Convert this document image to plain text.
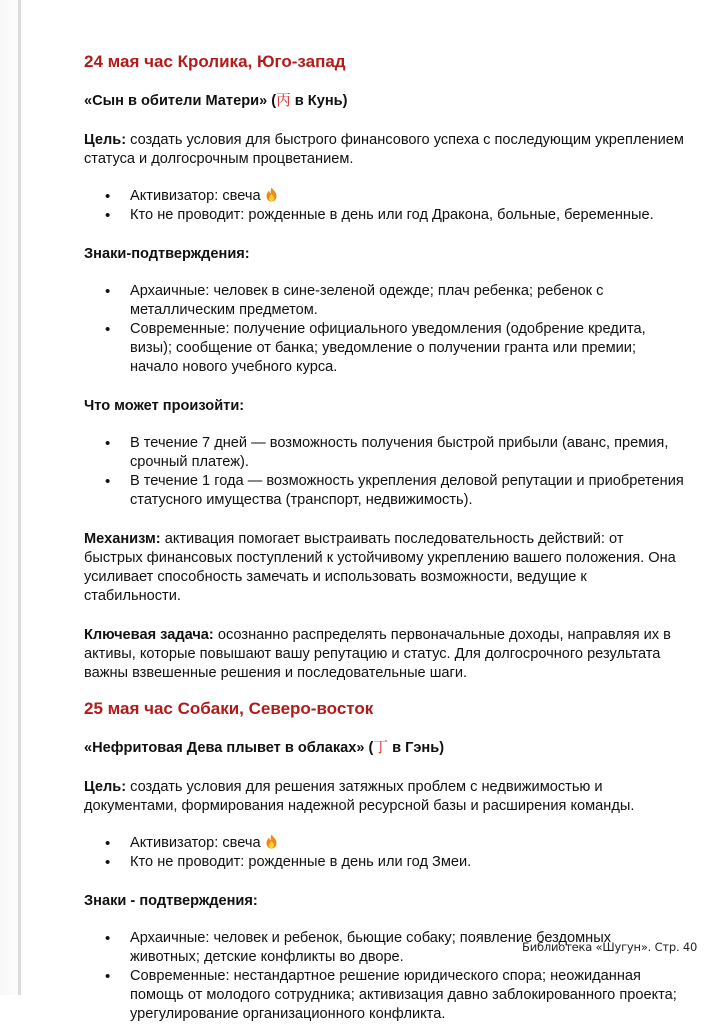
24 мая час Кролика, Юго-запад

«Сын в обители Матери» (丙 в Кунь)

Цель: создать условия для быстрого финансового успеха с последующим укреплением статуса и долгосрочным процветанием.

• Активизатор: свеча
• Кто не проводит: рожденные в день или год Дракона, больные, беременные.

Знаки-подтверждения:

• Архаичные: человек в сине-зеленой одежде; плач ребенка; ребенок с металлическим предметом.
• Современные: получение официального уведомления (одобрение кредита, визы); сообщение от банка; уведомление о получении гранта или премии; начало нового учебного курса.

Что может произойти:

• В течение 7 дней — возможность получения быстрой прибыли (аванс, премия, срочный платеж).
• В течение 1 года — возможность укрепления деловой репутации и приобретения статусного имущества (транспорт, недвижимость).

Механизм: активация помогает выстраивать последовательность действий: от быстрых финансовых поступлений к устойчивому укреплению вашего положения. Она усиливает способность замечать и использовать возможности, ведущие к стабильности.

Ключевая задача: осознанно распределять первоначальные доходы, направляя их в активы, которые повышают вашу репутацию и статус. Для долгосрочного результата важны взвешенные решения и последовательные шаги.

25 мая час Собаки, Северо-восток

«Нефритовая Дева плывет в облаках» (丁 в Гэнь)

Цель: создать условия для решения затяжных проблем с недвижимостью и документами, формирования надежной ресурсной базы и расширения команды.

• Активизатор: свеча
• Кто не проводит: рожденные в день или год Змеи.

Знаки - подтверждения:

• Архаичные: человек и ребенок, бьющие собаку; появление бездомных животных; детские конфликты во дворе.
• Современные: нестандартное решение юридического спора; неожиданная помощь от молодого сотрудника; активизация давно заблокированного проекта; урегулирование организационного конфликта.
Библиотека «Шугун». Стр. 40
